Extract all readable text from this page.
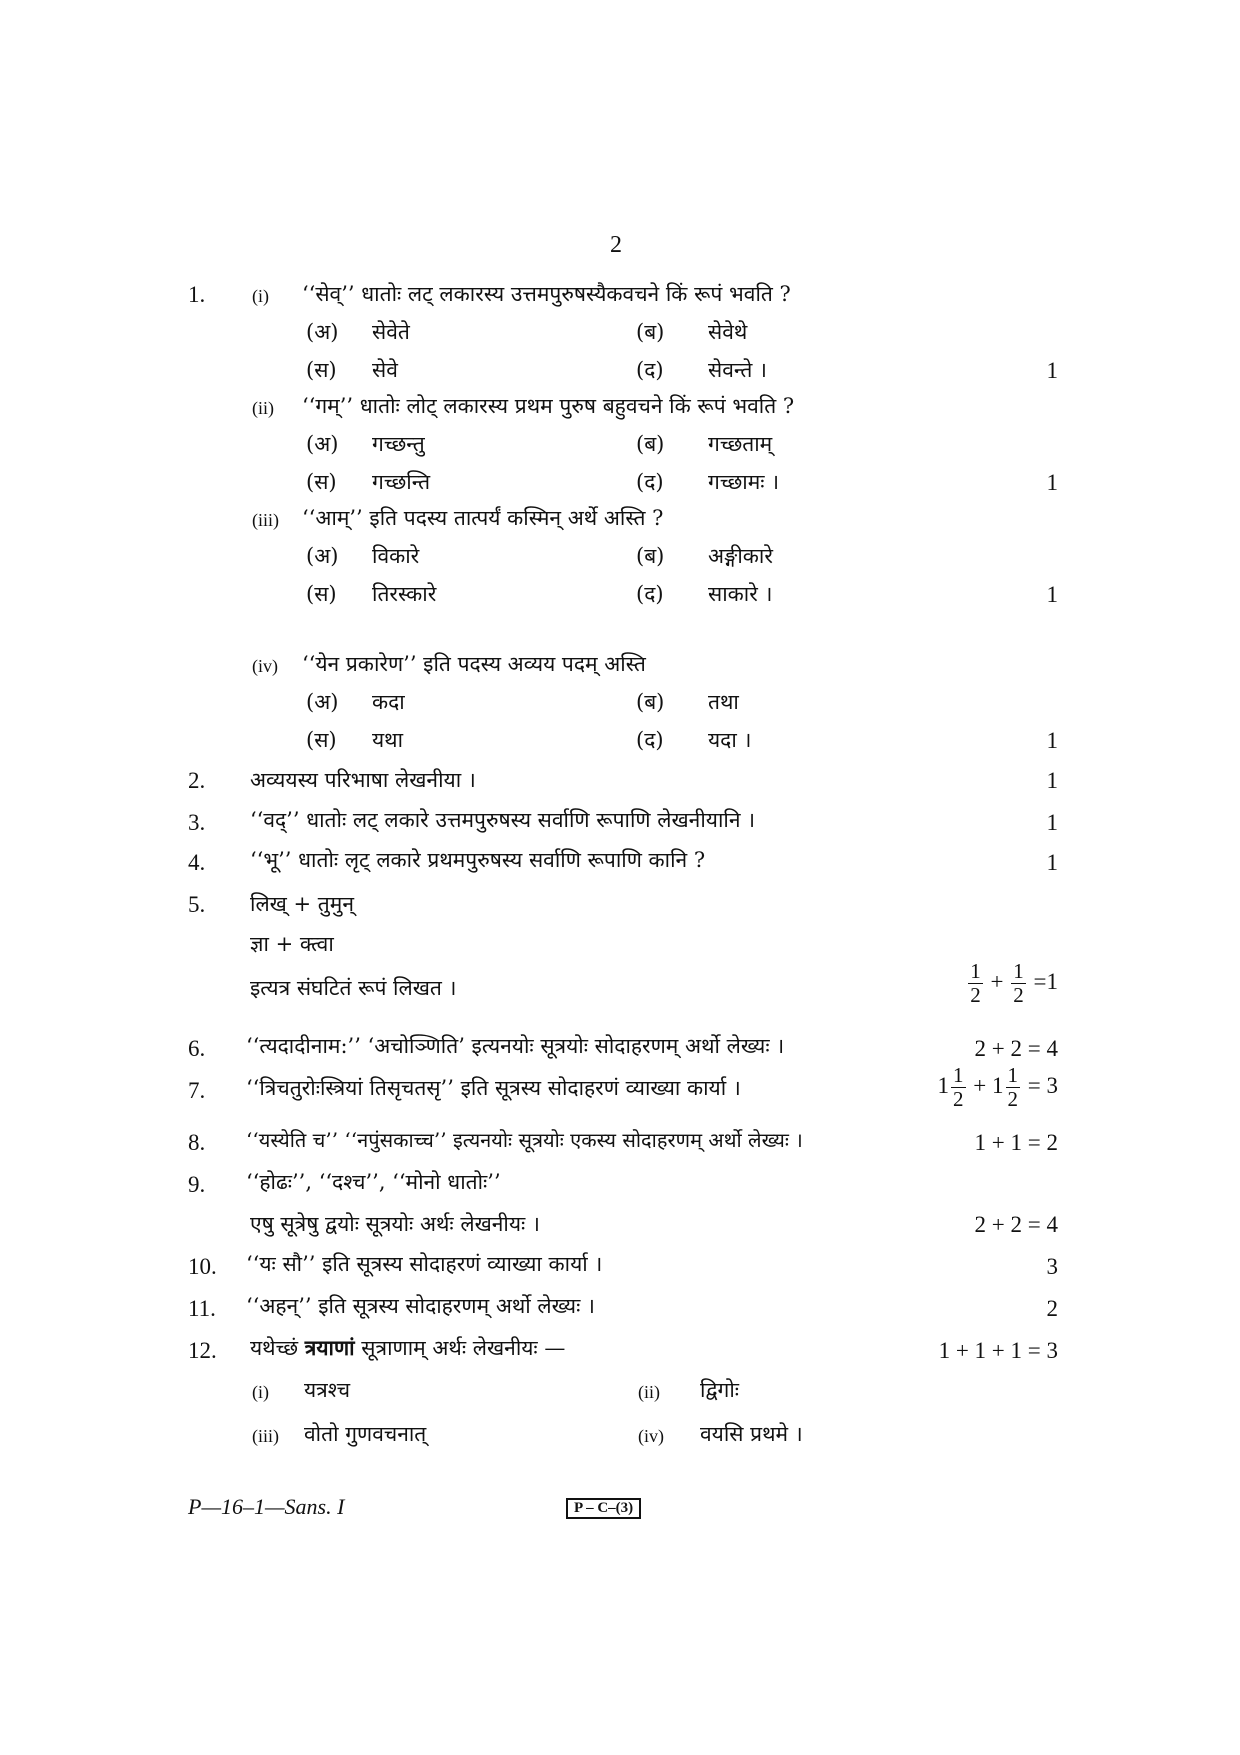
2
1.	(i) ‘‘सेव्’’ धातोः लट् लकारस्य उत्तमपुरुषस्यैकवचने किं रूपं भवति ?
(अ) सेवेते	(ब) सेवेथे
(स) सेवे	(द) सेवन्ते ।	1
(ii) ‘‘गम्’’ धातोः लोट् लकारस्य प्रथम पुरुष बहुवचने किं रूपं भवति ?
(अ) गच्छन्तु	(ब) गच्छताम्
(स) गच्छन्ति	(द) गच्छामः ।	1
(iii) ‘‘आम्’’ इति पदस्य तात्पर्यं कस्मिन् अर्थे अस्ति ?
(अ) विकारे	(ब) अङ्गीकारे
(स) तिरस्कारे	(द) साकारे ।	1
(iv) ‘‘येन प्रकारेण’’ इति पदस्य अव्यय पदम् अस्ति
(अ) कदा	(ब) तथा
(स) यथा	(द) यदा ।	1
2. अव्ययस्य परिभाषा लेखनीया ।	1
3. ‘‘वद्’’ धातोः लट् लकारे उत्तमपुरुषस्य सर्वाणि रूपाणि लेखनीयानि ।	1
4. ‘‘भू’’ धातोः लृट् लकारे प्रथमपुरुषस्य सर्वाणि रूपाणि कानि ?	1
5. लिख् + तुमुन्
ज्ञा + क्त्वा
इत्यत्र संघटितं रूपं लिखत ।	$\frac{1}{2} + \frac{1}{2} =1$
6. ‘‘त्यदादीनाम:’’ ‘अचोञ्णिति’ इत्यनयोः सूत्रयोः सोदाहरणम् अर्थो लेख्यः ।	2 + 2 = 4
7. ‘‘त्रिचतुरोःस्त्रियां तिसृचतसृ’’ इति सूत्रस्य सोदाहरणं व्याख्या कार्या ।	$1 \frac{1}{2} + 1 \frac{1}{2} = 3$
8. ‘‘यस्येति च’’ ‘‘नपुंसकाच्च’’ इत्यनयोः सूत्रयोः एकस्य सोदाहरणम् अर्थो लेख्यः ।	1 + 1 = 2
9. ‘‘होढः’’, ‘‘दश्च’’, ‘‘मोनो धातोः’’
एषु सूत्रेषु द्वयोः सूत्रयोः अर्थः लेखनीयः ।	2 + 2 = 4
10. ‘‘यः सौ’’ इति सूत्रस्य सोदाहरणं व्याख्या कार्या ।	3
11. ‘‘अहन्’’ इति सूत्रस्य सोदाहरणम् अर्थो लेख्यः ।	2
12. यथेच्छं त्रयाणां सूत्राणाम् अर्थः लेखनीयः —	1 + 1 + 1 = 3
(i) यत्रश्च	(ii) द्विगोः
(iii) वोतो गुणवचनात्	(iv) वयसि प्रथमे ।
P—16–1—Sans. I	P – C–(3)
